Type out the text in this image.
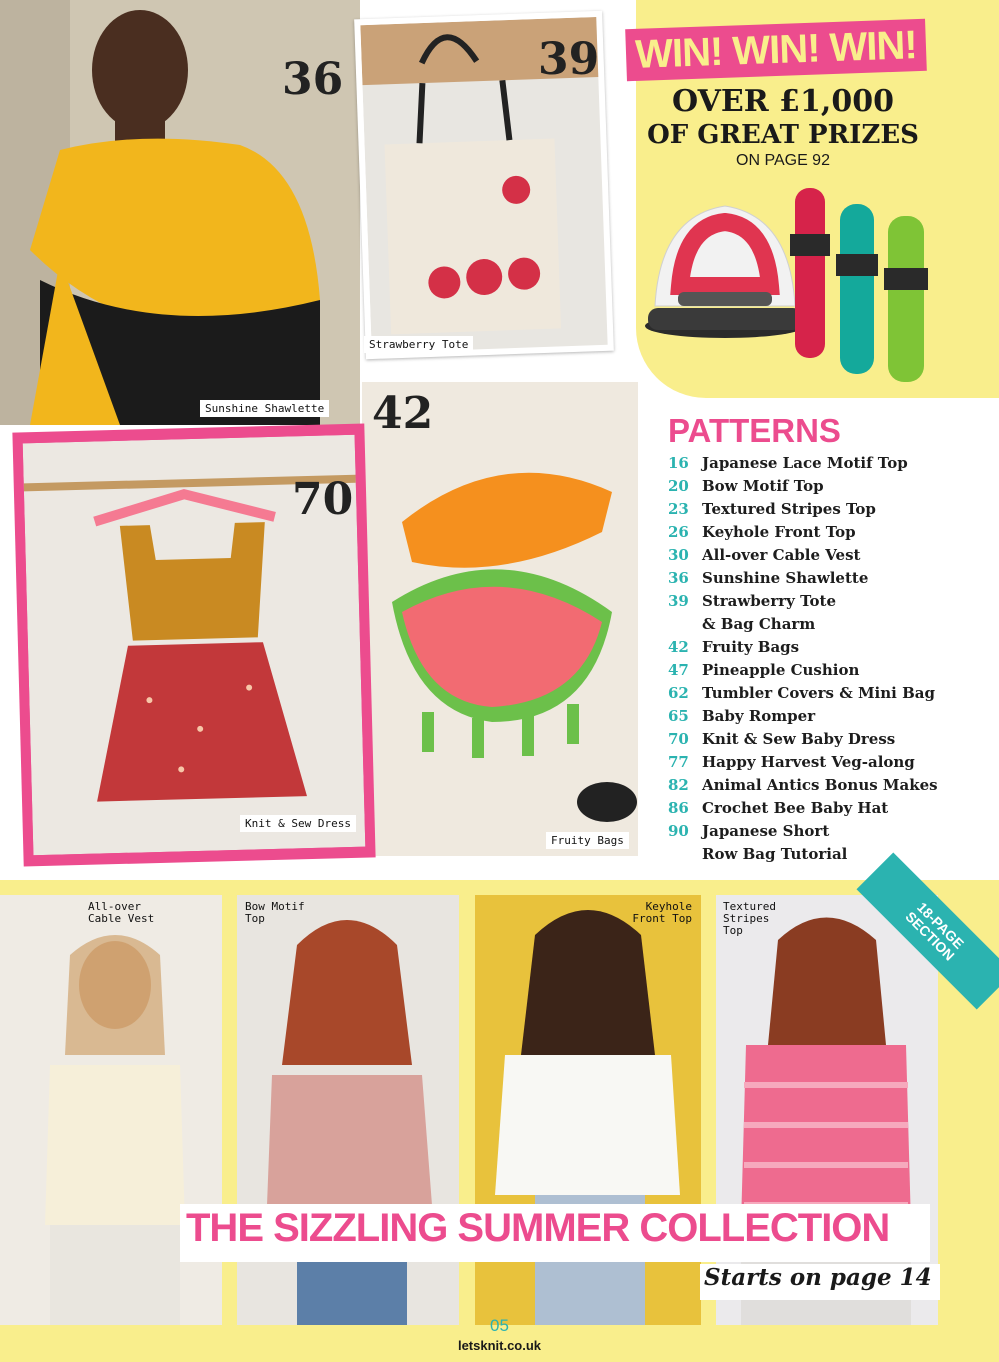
WIN! WIN! WIN!
OVER £1,000
OF GREAT PRIZES
ON PAGE 92
36
Sunshine Shawlette
39
Strawberry Tote
42
Fruity Bags
70
Knit & Sew Dress
PATTERNS
16 Japanese Lace Motif Top
20 Bow Motif Top
23 Textured Stripes Top
26 Keyhole Front Top
30 All-over Cable Vest
36 Sunshine Shawlette
39 Strawberry Tote & Bag Charm
42 Fruity Bags
47 Pineapple Cushion
62 Tumbler Covers & Mini Bag
65 Baby Romper
70 Knit & Sew Baby Dress
77 Happy Harvest Veg-along
82 Animal Antics Bonus Makes
86 Crochet Bee Baby Hat
90 Japanese Short Row Bag Tutorial
All-over Cable Vest
Bow Motif Top
Keyhole Front Top
Textured Stripes Top	18-PAGE SECTION
THE SIZZLING SUMMER COLLECTION
Starts on page 14
05
letsknit.co.uk
